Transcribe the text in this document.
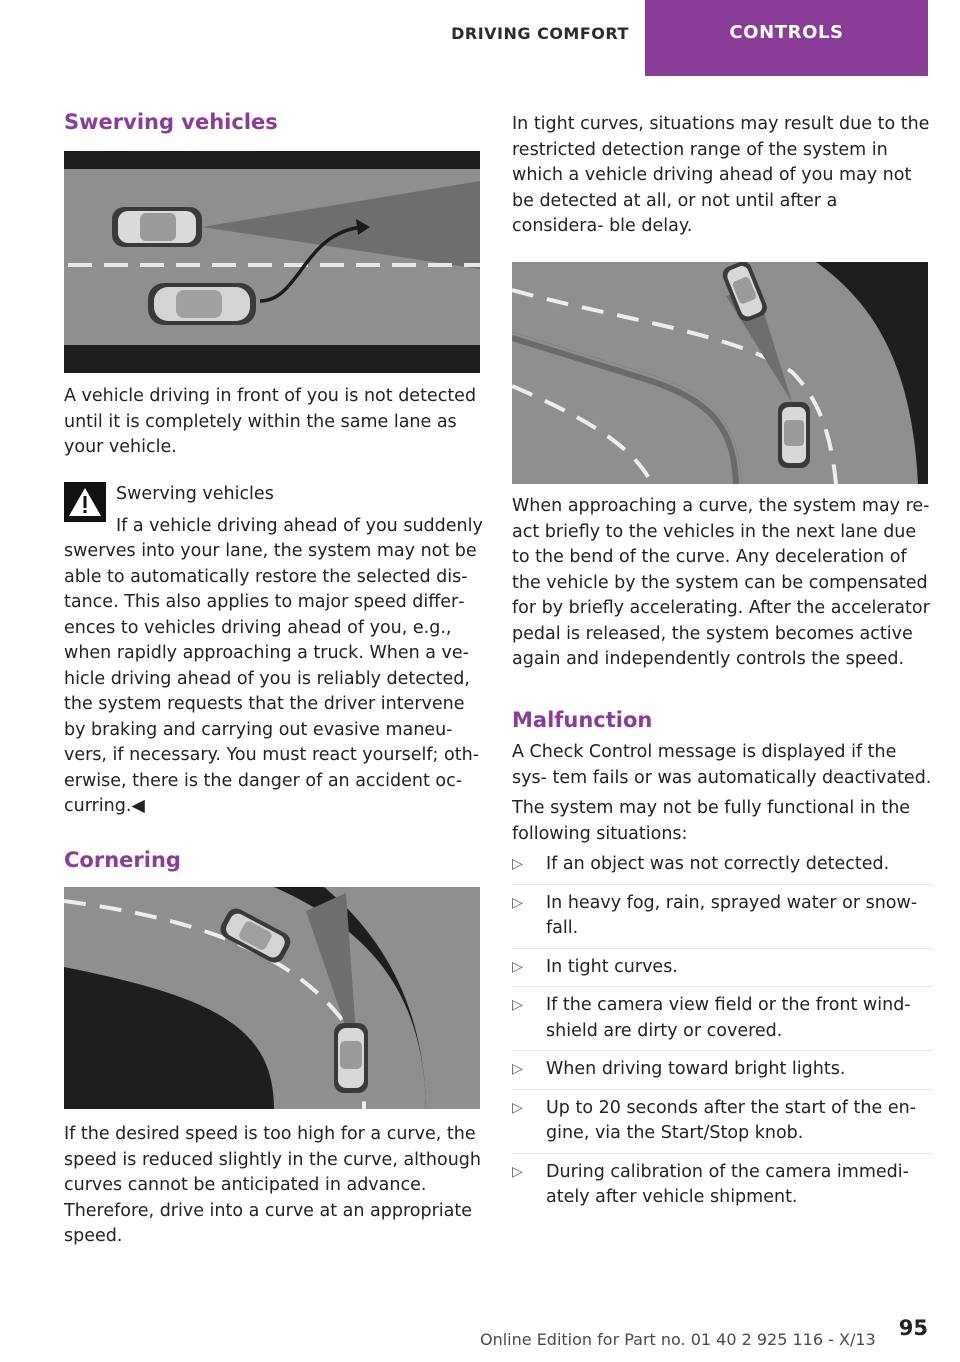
DRIVING COMFORT	CONTROLS
Swerving vehicles

A vehicle driving in front of you is not detected until it is completely within the same lane as your vehicle.

Swerving vehicles
If a vehicle driving ahead of you suddenly

swerves into your lane, the system may not be able to automatically restore the selected dis‐ tance. This also applies to major speed differ‐ ences to vehicles driving ahead of you, e.g., when rapidly approaching a truck. When a ve‐ hicle driving ahead of you is reliably detected, the system requests that the driver intervene by braking and carrying out evasive maneu‐ vers, if necessary. You must react yourself; oth‐ erwise, there is the danger of an accident oc‐ curring.◀

Cornering

If the desired speed is too high for a curve, the speed is reduced slightly in the curve, although curves cannot be anticipated in advance. Therefore, drive into a curve at an appropriate speed.

In tight curves, situations may result due to the restricted detection range of the system in which a vehicle driving ahead of you may not be detected at all, or not until after a considera‐ ble delay.

When approaching a curve, the system may re‐ act briefly to the vehicles in the next lane due to the bend of the curve. Any deceleration of the vehicle by the system can be compensated for by briefly accelerating. After the accelerator pedal is released, the system becomes active again and independently controls the speed.

Malfunction

A Check Control message is displayed if the sys‐ tem fails or was automatically deactivated.

The system may not be fully functional in the following situations:

▷ If an object was not correctly detected.
▷ In heavy fog, rain, sprayed water or snow‐ fall.
▷ In tight curves.
▷ If the camera view field or the front wind‐ shield are dirty or covered.
▷ When driving toward bright lights.
▷ Up to 20 seconds after the start of the en‐ gine, via the Start/Stop knob.
▷ During calibration of the camera immedi‐ ately after vehicle shipment.
Online Edition for Part no. 01 40 2 925 116 - X/13	95
